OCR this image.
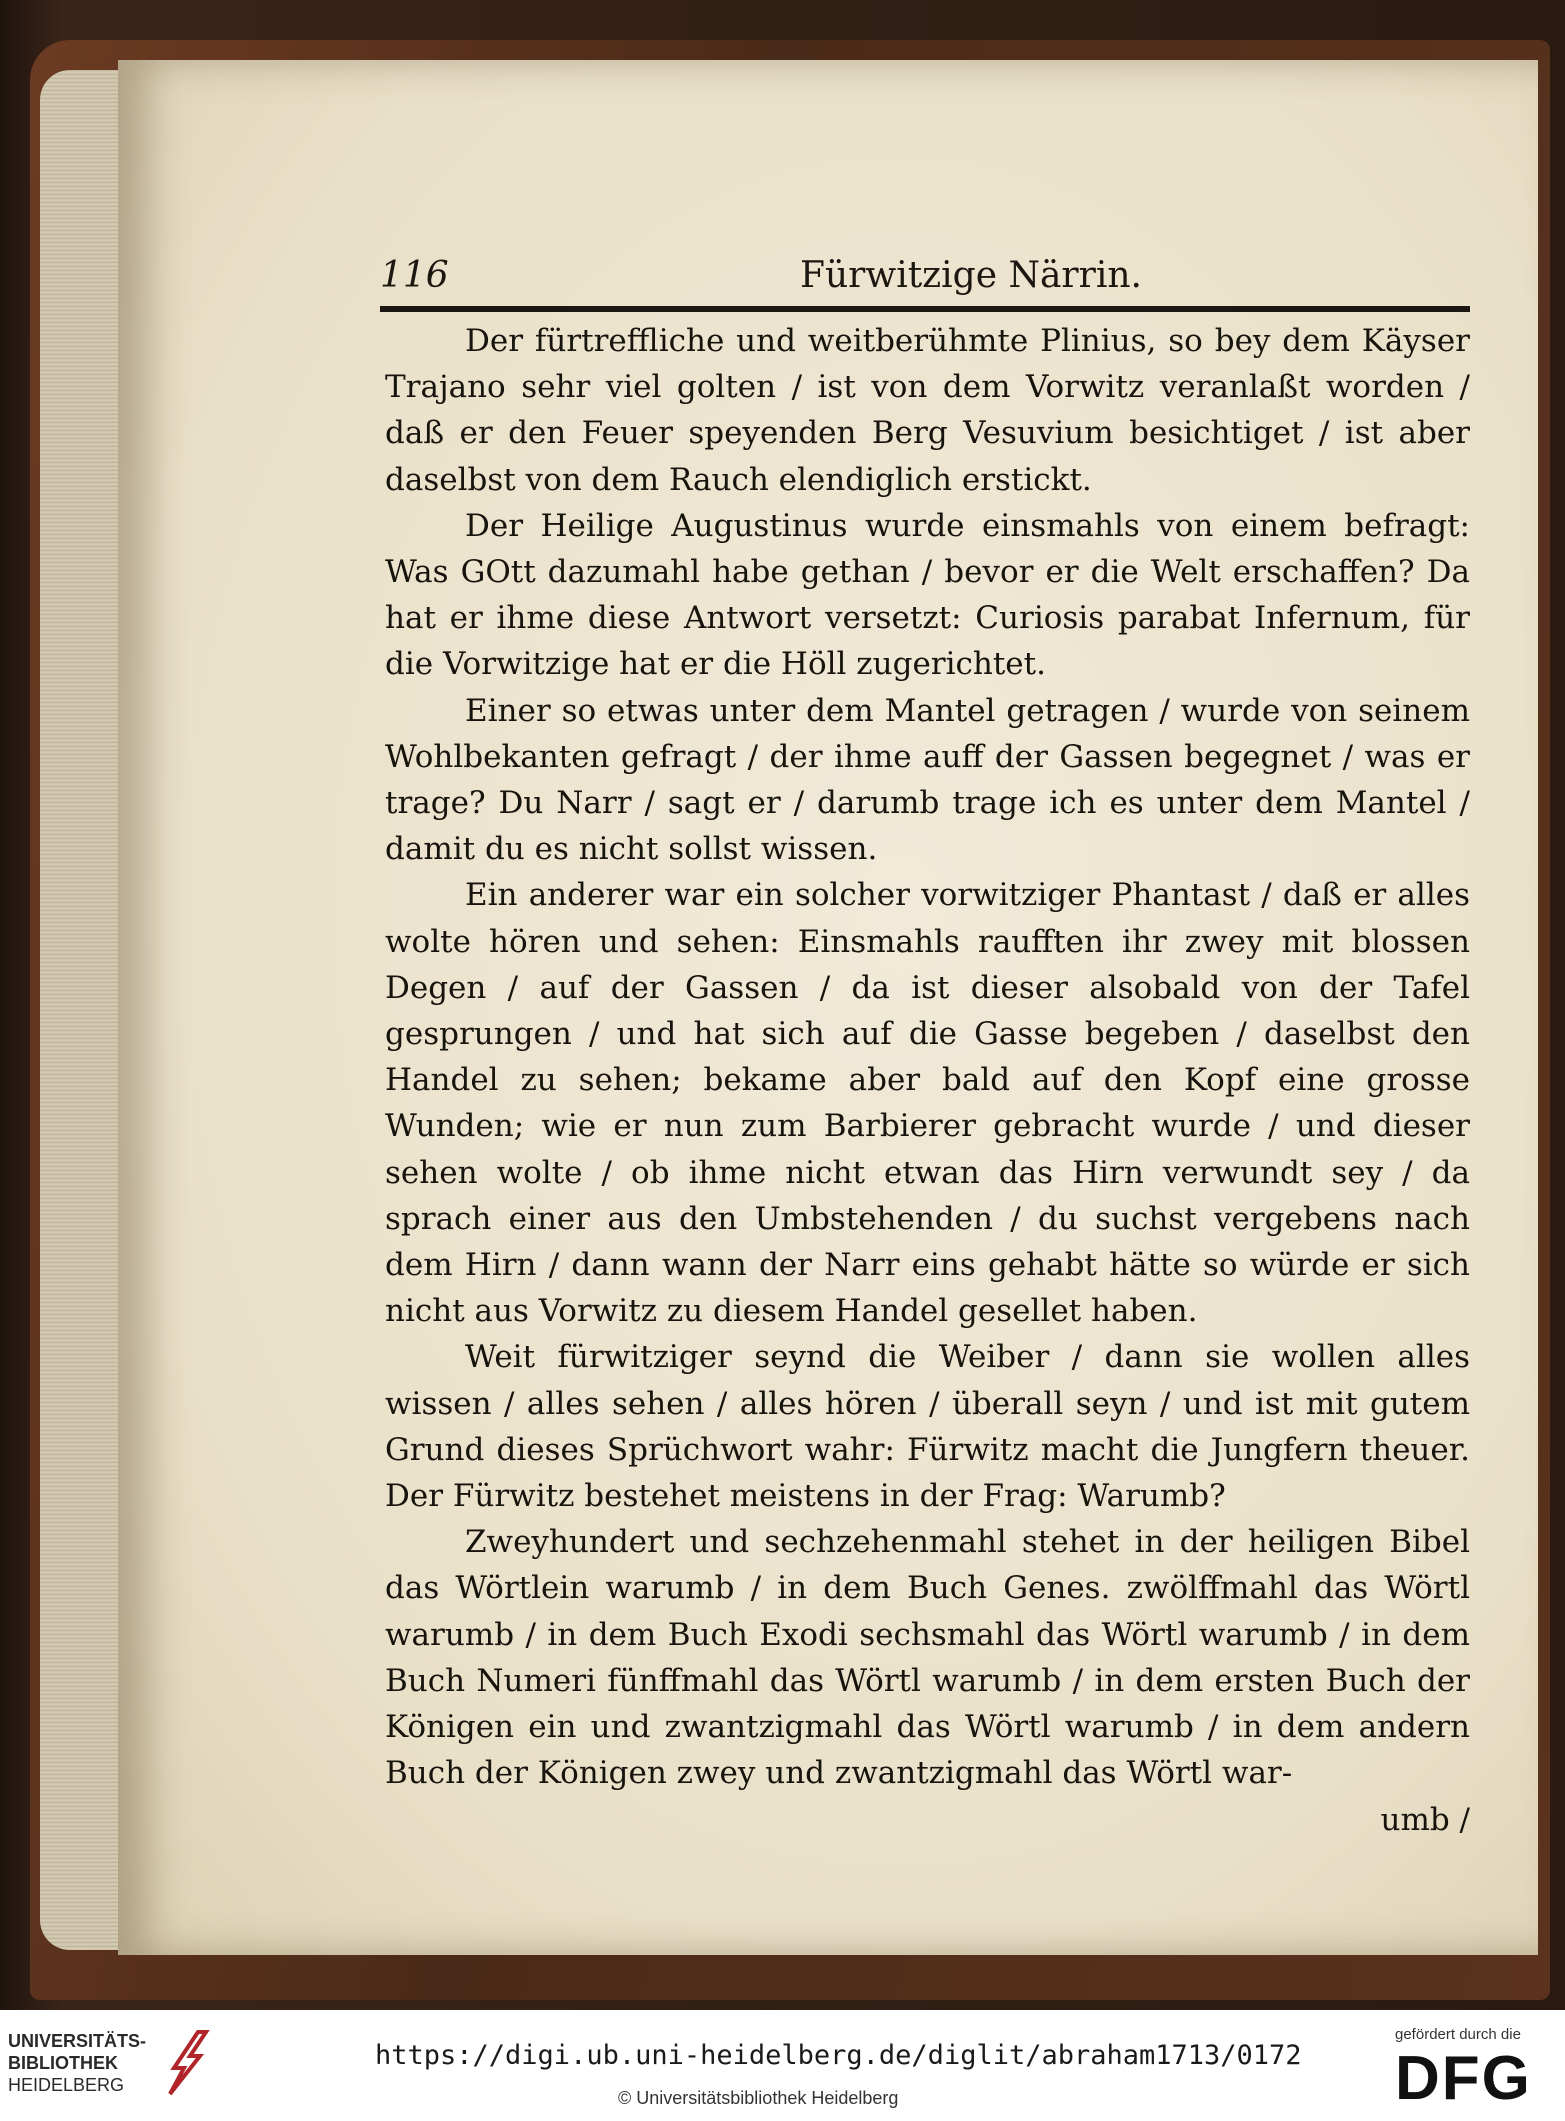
116	Fürwitzige Närrin.

Der fürtreffliche und weitberühmte Plinius, so bey dem Käyser Trajano sehr viel golten / ist von dem Vorwitz veranlaßt worden / daß er den Feuer speyenden Berg Vesuvium besichtiget / ist aber daselbst von dem Rauch elendiglich erstickt.

Der Heilige Augustinus wurde einsmahls von einem befragt: Was GOtt dazumahl habe gethan / bevor er die Welt erschaffen? Da hat er ihme diese Antwort versetzt: Curiosis parabat Infernum, für die Vorwitzige hat er die Höll zugerichtet.

Einer so etwas unter dem Mantel getragen / wurde von seinem Wohlbekanten gefragt / der ihme auff der Gassen begegnet / was er trage? Du Narr / sagt er / darumb trage ich es unter dem Mantel / damit du es nicht sollst wissen.

Ein anderer war ein solcher vorwitziger Phantast / daß er alles wolte hören und sehen: Einsmahls raufften ihr zwey mit blossen Degen / auf der Gassen / da ist dieser alsobald von der Tafel gesprungen / und hat sich auf die Gasse begeben / daselbst den Handel zu sehen; bekame aber bald auf den Kopf eine grosse Wunden; wie er nun zum Barbierer gebracht wurde / und dieser sehen wolte / ob ihme nicht etwan das Hirn verwundt sey / da sprach einer aus den Umbstehenden / du suchst vergebens nach dem Hirn / dann wann der Narr eins gehabt hätte so würde er sich nicht aus Vorwitz zu diesem Handel gesellet haben.

Weit fürwitziger seynd die Weiber / dann sie wollen alles wissen / alles sehen / alles hören / überall seyn / und ist mit gutem Grund dieses Sprüchwort wahr: Fürwitz macht die Jungfern theuer. Der Fürwitz bestehet meistens in der Frag: Warumb?

Zweyhundert und sechzehenmahl stehet in der heiligen Bibel das Wörtlein warumb / in dem Buch Genes. zwölffmahl das Wörtl warumb / in dem Buch Exodi sechsmahl das Wörtl warumb / in dem Buch Numeri fünffmahl das Wörtl warumb / in dem ersten Buch der Königen ein und zwantzigmahl das Wörtl warumb / in dem andern Buch der Königen zwey und zwantzigmahl das Wörtl war-

umb /

UNIVERSITÄTS-
BIBLIOTHEK
HEIDELBERG
https://digi.ub.uni-heidelberg.de/diglit/abraham1713/0172
© Universitätsbibliothek Heidelberg
gefördert durch die
DFG
